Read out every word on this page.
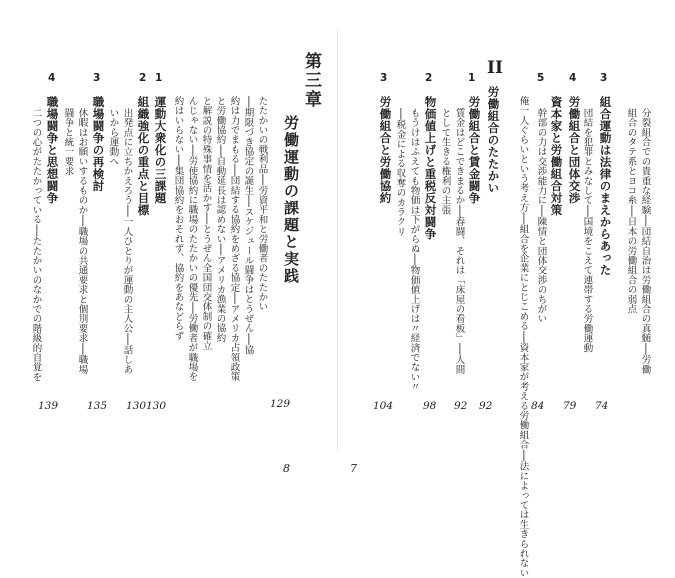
第三章
労働運動の課題と実践
129
たたかいの戦利品──労資平和と労働者のたたかい
──期限づき協定の誕生──スケジュール闘争はとうぜん──協
約は力でまもる──団結する協約をめざる協定──アメリカ占領政策
と労働協約──自動延長は認めない──アメリカ漁業の協約
と解説の特殊事情を活かす──とうぜん全国団交体制の確立
んじゃない──労使協約に職場のたたかいの優先──労働者が職場を
約はいらない──集団協約をおそれず、協約をあなどらず
1
運動大衆化の三課題
130
2
組織強化の重点と目標
出発点に立ちかえろう──一人ひとりが運動の主人公──話しあ
いから運動へ
130
3
職場闘争の再検討
休暇はお願いするものか──職場の共通要求と個別要求──職場
闘争と統一要求
135
4
職場闘争と思想闘争
二つの心がたたかっている──たたかいのなかでの階級的自覚を
139
8
3
組合運動は法律のまえからあった	分裂組合での貴重な経験──団結自治は労働組合の真髄──労働
組合のタテ系とヨコ糸──日本の労働組合の弱点
74
4
労働組合と団体交渉 団結を犯罪とみなして──国境をこえて連帯する労働運動
79
5
資本家と労働組合対策
幹部の力は交渉能力に──陳情と団体交渉のちがい
84
II
労働組合のたたかい 俺一人ぐらいという考え方──組合を企業にとじこめる──資本家が考える労働組合──法によっては生きられない
92
1
労働組合と賃金闘争
賃金はどこできまるか──春闘、それは「床屋の看板」──人間
として生きる権利の主張
92
2
物価値上げと重税反対闘争
もうけはふえても物価は下がらぬ──物価値上げは〃経済でない〃
──税金による収奪のカラクリ
98
3
労働組合と労働協約
104
7
